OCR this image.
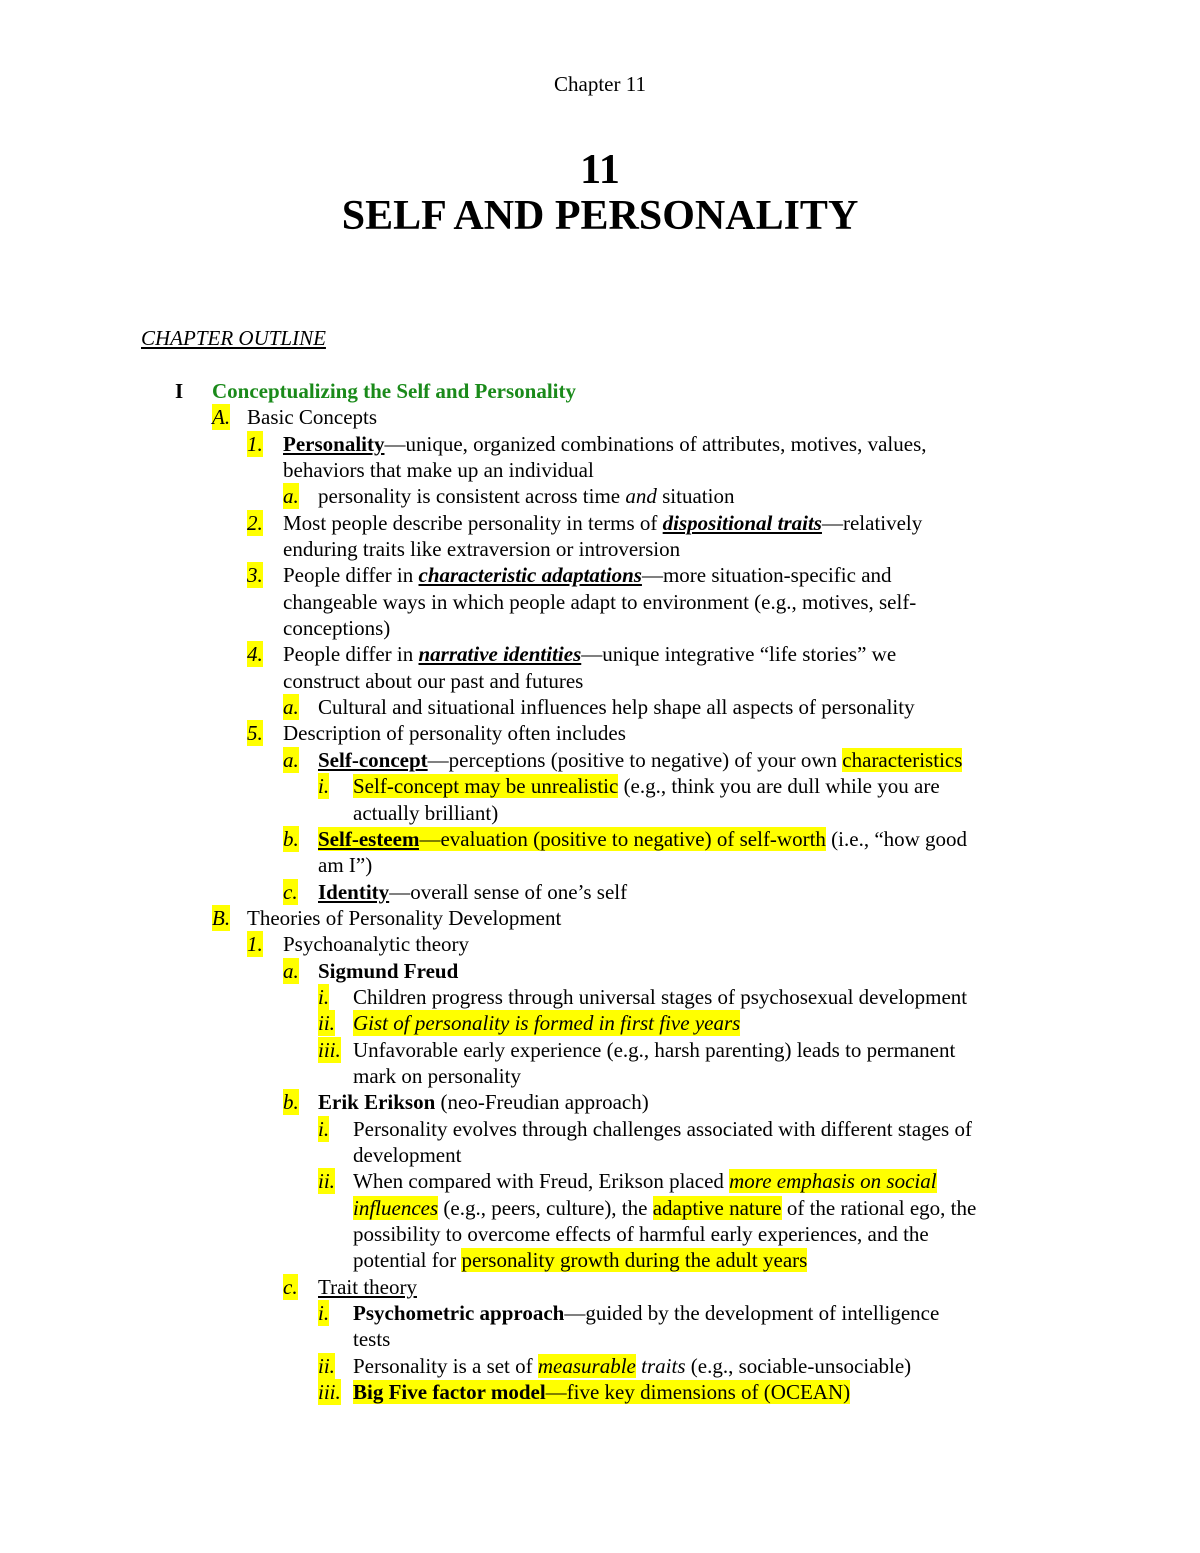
Chapter 11
11
SELF AND PERSONALITY
CHAPTER OUTLINE
I Conceptualizing the Self and Personality
A. Basic Concepts
1. Personality—unique, organized combinations of attributes, motives, values,
behaviors that make up an individual
a. personality is consistent across time and situation
2. Most people describe personality in terms of dispositional traits—relatively
enduring traits like extraversion or introversion
3. People differ in characteristic adaptations—more situation-specific and
changeable ways in which people adapt to environment (e.g., motives, self-
conceptions)
4. People differ in narrative identities—unique integrative “life stories” we
construct about our past and futures
a. Cultural and situational influences help shape all aspects of personality
5. Description of personality often includes
a. Self-concept—perceptions (positive to negative) of your own characteristics
i. Self-concept may be unrealistic (e.g., think you are dull while you are
actually brilliant)
b. Self-esteem—evaluation (positive to negative) of self-worth (i.e., “how good
am I”)
c. Identity—overall sense of one’s self
B. Theories of Personality Development
1. Psychoanalytic theory
a. Sigmund Freud
i. Children progress through universal stages of psychosexual development
ii. Gist of personality is formed in first five years
iii. Unfavorable early experience (e.g., harsh parenting) leads to permanent
mark on personality
b. Erik Erikson (neo-Freudian approach)
i. Personality evolves through challenges associated with different stages of
development
ii. When compared with Freud, Erikson placed more emphasis on social
influences (e.g., peers, culture), the adaptive nature of the rational ego, the
possibility to overcome effects of harmful early experiences, and the
potential for personality growth during the adult years
c. Trait theory
i. Psychometric approach—guided by the development of intelligence
tests
ii. Personality is a set of measurable traits (e.g., sociable-unsociable)
iii. Big Five factor model—five key dimensions of (OCEAN)
